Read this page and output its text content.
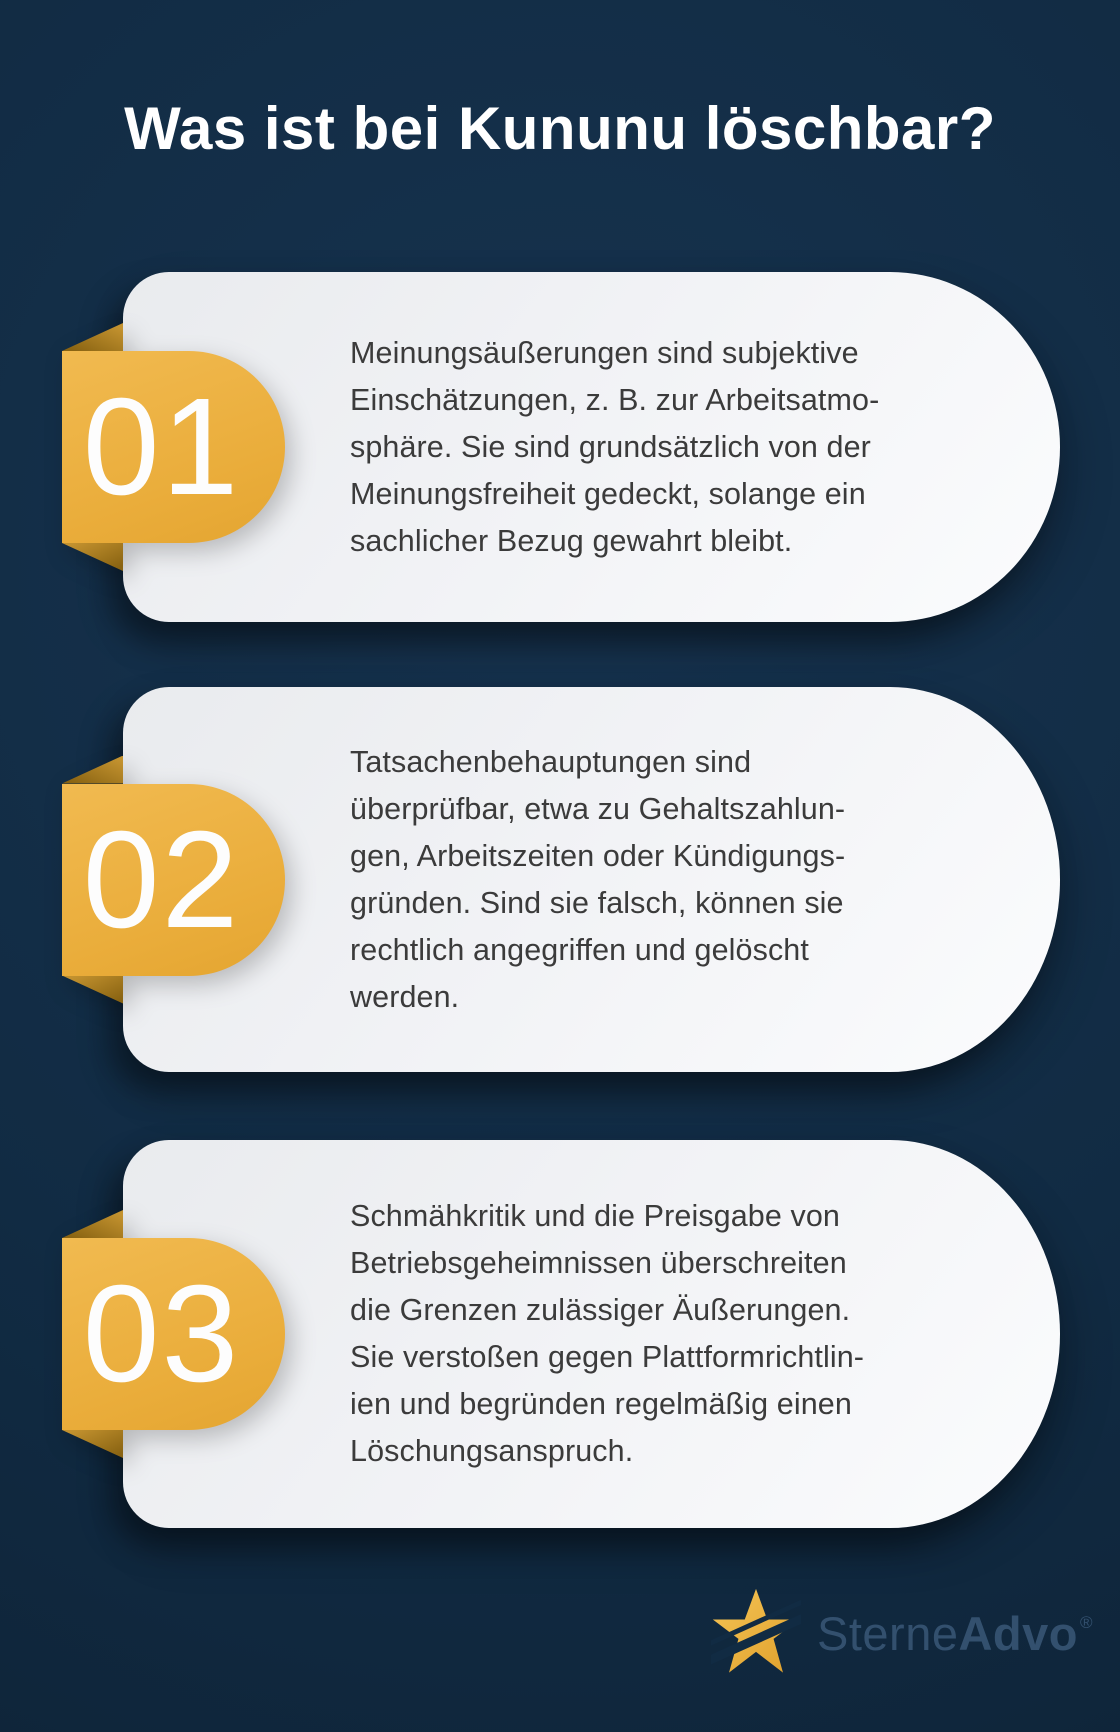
Was ist bei Kununu löschbar?
01
Meinungsäußerungen sind subjektive
Einschätzungen, z. B. zur Arbeitsatmo-
sphäre. Sie sind grundsätzlich von der
Meinungsfreiheit gedeckt, solange ein
sachlicher Bezug gewahrt bleibt.
02
Tatsachenbehauptungen sind
überprüfbar, etwa zu Gehaltszahlun-
gen, Arbeitszeiten oder Kündigungs-
gründen. Sind sie falsch, können sie
rechtlich angegriffen und gelöscht
werden.
03
Schmähkritik und die Preisgabe von
Betriebsgeheimnissen überschreiten
die Grenzen zulässiger Äußerungen.
Sie verstoßen gegen Plattformrichtlin-
ien und begründen regelmäßig einen
Löschungsanspruch.
SterneAdvo ®
